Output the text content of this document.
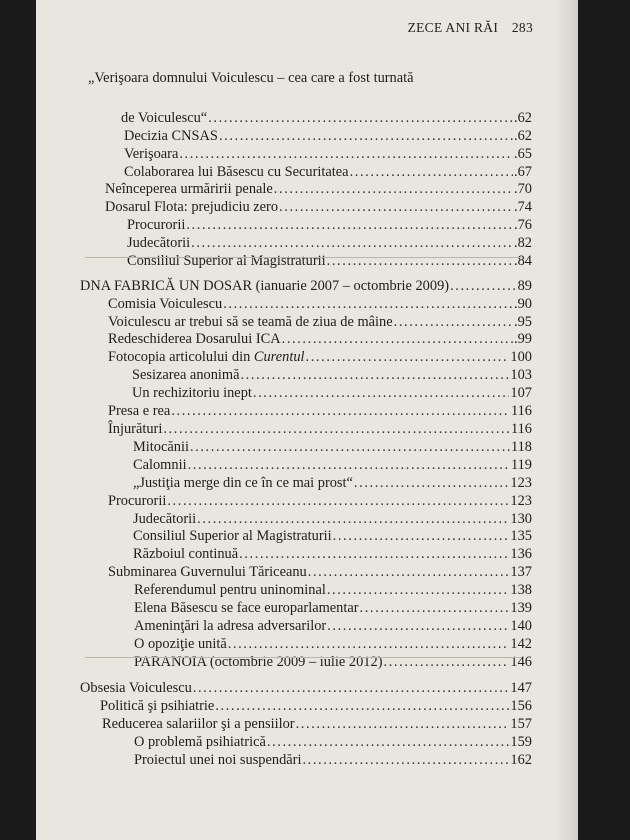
ZECE ANI RĂI 283
„Verişoara domnului Voiculescu – cea care a fost turnată
de Voiculescu“ . . .	.62
Decizia CNSAS . . .	.62
Verişoara . . .	.65
Colaborarea lui Băsescu cu Securitatea . . .	.67
Neînceperea urmăririi penale . . .	.70
Dosarul Flota: prejudiciu zero . . .	.74
Procurorii . . .	.76
Judecătorii . . .	.82
Consiliul Superior al Magistraturii . . .	.84
DNA FABRICĂ UN DOSAR (ianuarie 2007 – octombrie 2009) . . .	89
Comisia Voiculescu . . .	.90
Voiculescu ar trebui să se teamă de ziua de mâine . . .	.95
Redeschiderea Dosarului ICA . . .	.99
Fotocopia articolului din Curentul . . .	100
Sesizarea anonimă . . .	103
Un rechizitoriu inept . . .	107
Presa e rea . . .	116
Înjurături . . .	116
Mitocănii . . .	118
Calomnii . . .	119
„Justiţia merge din ce în ce mai prost“ . . .	123
Procurorii . . .	123
Judecătorii . . .	130
Consiliul Superior al Magistraturii . . .	135
Războiul continuă . . .	136
Subminarea Guvernului Tăriceanu . . .	137
Referendumul pentru uninominal . . .	138
Elena Băsescu se face europarlamentar . . .	139
Ameninţări la adresa adversarilor . . .	140
O opoziţie unită . . .	142
PARANOIA (octombrie 2009 – iulie 2012) . . .	146
Obsesia Voiculescu . . .	147
Politică şi psihiatrie . . .	156
Reducerea salariilor şi a pensiilor . . .	157
O problemă psihiatrică . . .	159
Proiectul unei noi suspendări . . .	162
